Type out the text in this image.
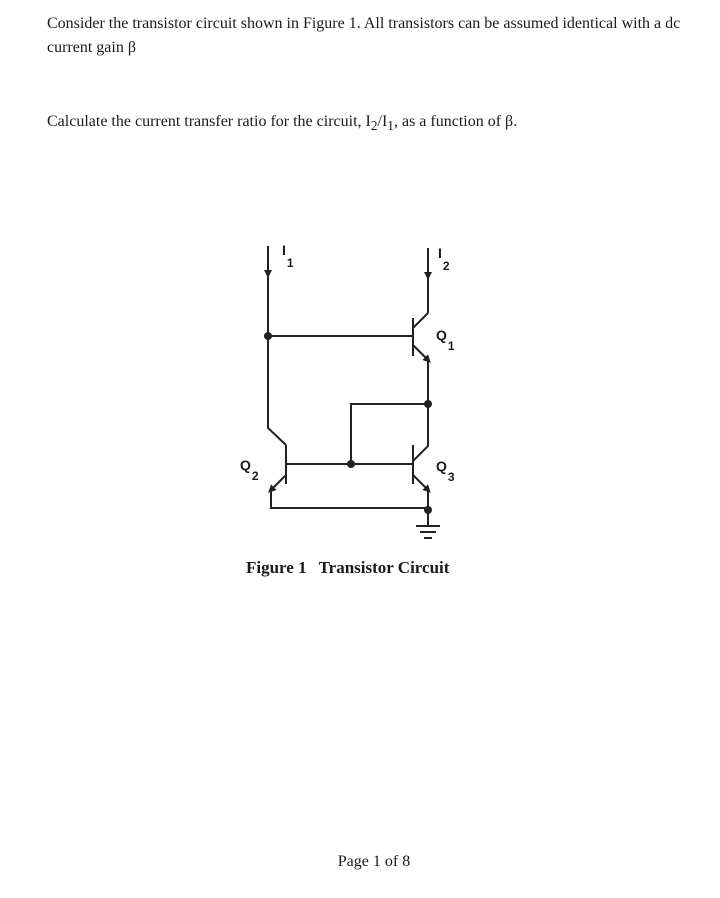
Consider the transistor circuit shown in Figure 1. All transistors can be assumed identical with a dc current gain β

Calculate the current transfer ratio for the circuit, $I_2/I_1$, as a function of β.

I1
I2
Q1
Q2
Q3
Figure 1 Transistor Circuit
Page 1 of 8
